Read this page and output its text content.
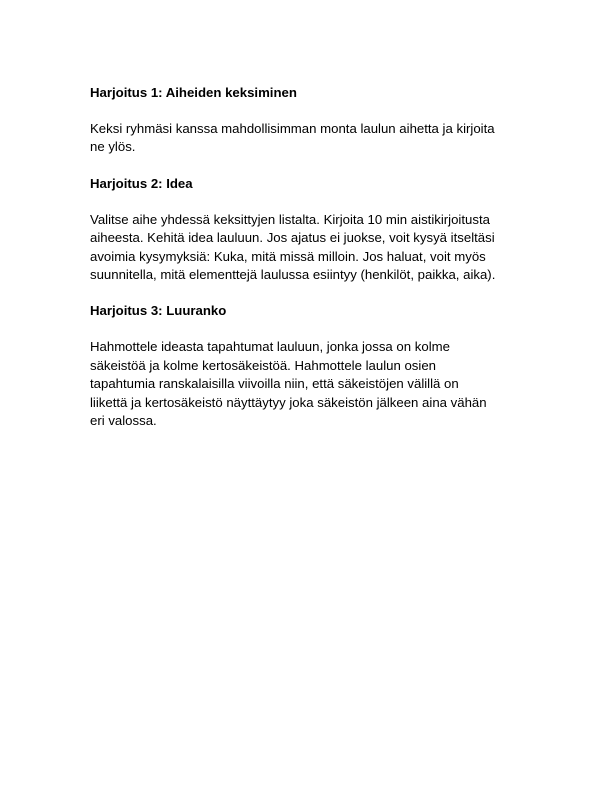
Harjoitus 1: Aiheiden keksiminen
Keksi ryhmäsi kanssa mahdollisimman monta laulun aihetta ja kirjoita
ne ylös.
Harjoitus 2: Idea
Valitse aihe yhdessä keksittyjen listalta. Kirjoita 10 min aistikirjoitusta
aiheesta. Kehitä idea lauluun. Jos ajatus ei juokse, voit kysyä itseltäsi
avoimia kysymyksiä: Kuka, mitä missä milloin. Jos haluat, voit myös
suunnitella, mitä elementtejä laulussa esiintyy (henkilöt, paikka, aika).
Harjoitus 3: Luuranko
Hahmottele ideasta tapahtumat lauluun, jonka jossa on kolme
säkeistöä ja kolme kertosäkeistöä. Hahmottele laulun osien
tapahtumia ranskalaisilla viivoilla niin, että säkeistöjen välillä on
liikettä ja kertosäkeistö näyttäytyy joka säkeistön jälkeen aina vähän
eri valossa.
